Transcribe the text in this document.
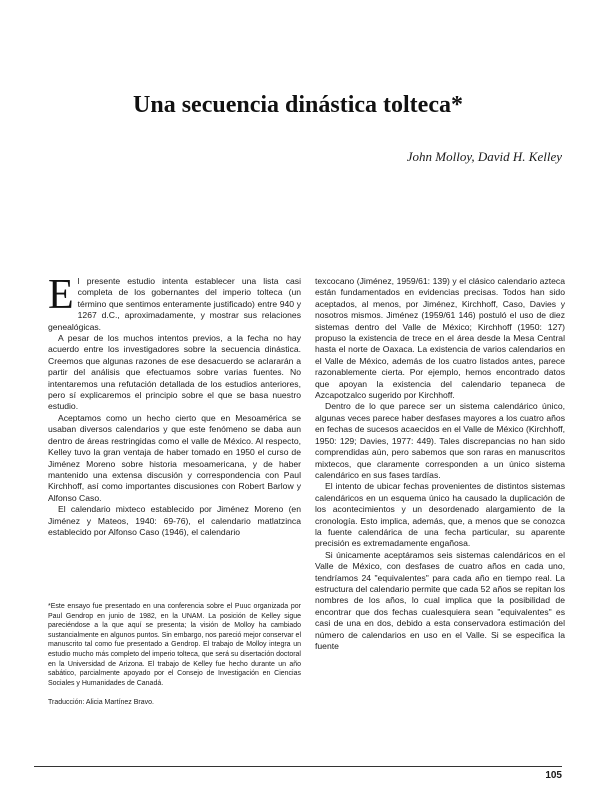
Una secuencia dinástica tolteca*
John Molloy, David H. Kelley

El presente estudio intenta establecer una lista casi completa de los gobernantes del imperio tolteca (un término que sentimos enteramente justificado) entre 940 y 1267 d.C., aproximadamente, y mostrar sus relaciones genealógicas.

A pesar de los muchos intentos previos, a la fecha no hay acuerdo entre los investigadores sobre la secuencia dinástica. Creemos que algunas razones de ese desacuerdo se aclararán a partir del análisis que efectuamos sobre varias fuentes. No intentaremos una refutación detallada de los estudios anteriores, pero sí explicaremos el principio sobre el que se basa nuestro estudio.

Aceptamos como un hecho cierto que en Mesoamérica se usaban diversos calendarios y que este fenómeno se daba aun dentro de áreas restringidas como el valle de México. Al respecto, Kelley tuvo la gran ventaja de haber tomado en 1950 el curso de Jiménez Moreno sobre historia mesoamericana, y de haber mantenido una extensa discusión y correspondencia con Paul Kirchhoff, así como importantes discusiones con Robert Barlow y Alfonso Caso.

El calendario mixteco establecido por Jiménez Moreno (en Jiménez y Mateos, 1940: 69-76), el calendario matlatzinca establecido por Alfonso Caso (1946), el calendario

texcocano (Jiménez, 1959/61: 139) y el clásico calendario azteca están fundamentados en evidencias precisas. Todos han sido aceptados, al menos, por Jiménez, Kirchhoff, Caso, Davies y nosotros mismos. Jiménez (1959/61 146) postuló el uso de diez sistemas dentro del Valle de México; Kirchhoff (1950: 127) propuso la existencia de trece en el área desde la Mesa Central hasta el norte de Oaxaca. La existencia de varios calendarios en el Valle de México, además de los cuatro listados antes, parece razonablemente cierta. Por ejemplo, hemos encontrado datos que apoyan la existencia del calendario tepaneca de Azcapotzalco sugerido por Kirchhoff.

Dentro de lo que parece ser un sistema calendárico único, algunas veces parece haber desfases mayores a los cuatro años en fechas de sucesos acaecidos en el Valle de México (Kirchhoff, 1950: 129; Davies, 1977: 449). Tales discrepancias no han sido comprendidas aún, pero sabemos que son raras en manuscritos mixtecos, que claramente corresponden a un único sistema calendárico en sus fases tardías.

El intento de ubicar fechas provenientes de distintos sistemas calendáricos en un esquema único ha causado la duplicación de los acontecimientos y un desordenado alargamiento de la cronología. Esto implica, además, que, a menos que se conozca la fuente calendárica de una fecha particular, su aparente precisión es extremadamente engañosa.

Si únicamente aceptáramos seis sistemas calendáricos en el Valle de México, con desfases de cuatro años en cada uno, tendríamos 24 "equivalentes" para cada año en tiempo real. La estructura del calendario permite que cada 52 años se repitan los nombres de los años, lo cual implica que la posibilidad de encontrar que dos fechas cualesquiera sean "equivalentes" es casi de una en dos, debido a esta conservadora estimación del número de calendarios en uso en el Valle. Si se especifica la fuente

*Este ensayo fue presentado en una conferencia sobre el Puuc organizada por Paul Gendrop en junio de 1982, en la UNAM. La posición de Kelley sigue pareciéndose a la que aquí se presenta; la visión de Molloy ha cambiado sustancialmente en algunos puntos. Sin embargo, nos pareció mejor conservar el manuscrito tal como fue presentado a Gendrop. El trabajo de Molloy integra un estudio mucho más completo del imperio tolteca, que será su disertación doctoral en la Universidad de Arizona. El trabajo de Kelley fue hecho durante un año sabático, parcialmente apoyado por el Consejo de Investigación en Ciencias Sociales y Humanidades de Canadá.

Traducción: Alicia Martínez Bravo.

105
